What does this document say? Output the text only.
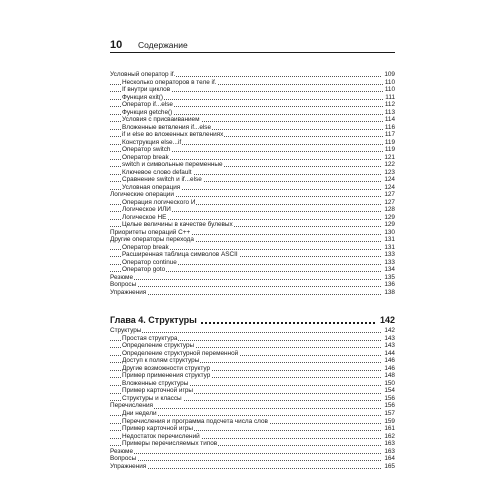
10 Содержание
Условный оператор if.	109
Несколько операторов в теле if.	110
If внутри циклов	110
Функция exit()	111
Оператор if...else	112
Функция getche()	113
Условия с присваиванием	114
Вложенные ветвления if...else	116
if и else во вложенных ветвлениях	117
Конструкция else...if	119
Оператор switch	119
Оператор break	121
switch и символьные переменные	122
Ключевое слово default	123
Сравнение switch и if...else	124
Условная операция	124
Логические операции	127
Операция логического И	127
Логическое ИЛИ	128
Логическое НЕ	129
Целые величины в качестве булевых	129
Приоритеты операций C++	130
Другие операторы перехода	131
Оператор break	131
Расширенная таблица символов ASCII	133
Оператор continue	133
Оператор goto	134
Резюме	135
Вопросы	136
Упражнения	138
Глава 4. Структуры	142
Структуры	142
Простая структура	143
Определение структуры	143
Определение структурной переменной	144
Доступ к полям структуры	146
Другие возможности структур	146
Пример применения структур	148
Вложенные структуры	150
Пример карточной игры	154
Структуры и классы	156
Перечисления	156
Дни недели	157
Перечисления и программа подсчета числа слов	159
Пример карточной игры	161
Недостаток перечислений	162
Примеры перечисляемых типов	163
Резюме	163
Вопросы	164
Упражнения	165
